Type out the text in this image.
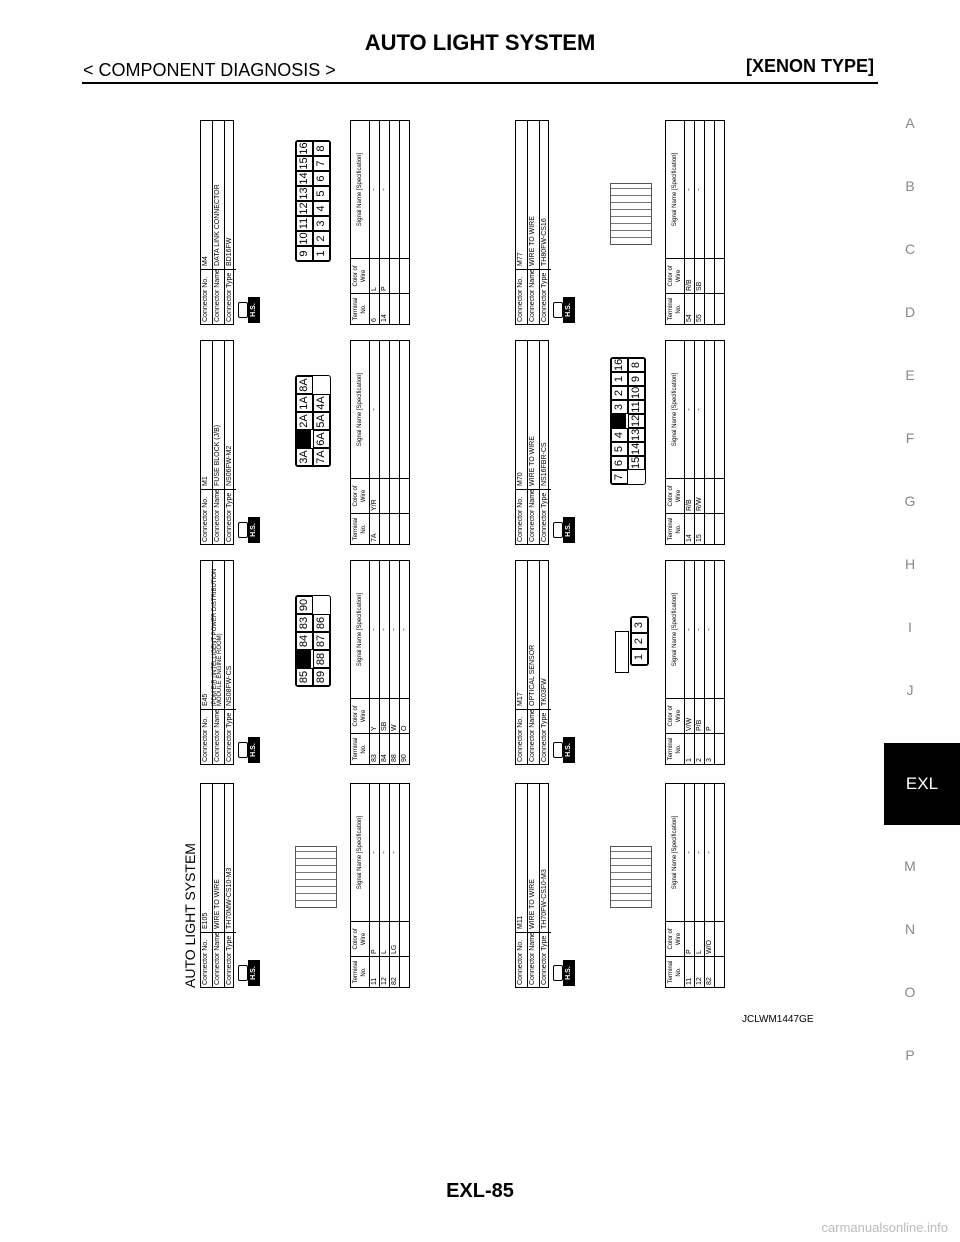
AUTO LIGHT SYSTEM
< COMPONENT DIAGNOSIS >	[XENON TYPE]
A
B
C
D
E
F
G
H
I
J
EXL
M
N
O
P
AUTO LIGHT SYSTEM Connector No.
E105
Connector Name
WIRE TO WIRE
Connector Type
TH70MW-CS10-M3
H.S.	Terminal No.	Color of Wire	Signal Name [Specification]
11	P	-
12	L	-
82	LG	-

Connector No.
E45
Connector Name
IPDM E/R (INTELLIGENT POWER DISTRIBUTION MODULE ENGINE ROOM)
Connector Type
NS08FW-CS
H.S.
85
84
83
90
89
88
87
86
Terminal No.	Color of Wire	Signal Name [Specification]
83	Y	-
84	SB	-
88	W	-
90	O	-
Connector No.
M1
Connector Name
FUSE BLOCK (J/B)
Connector Type
NS06FW-M2
H.S.
3A
2A
1A
8A
7A
6A
5A
4A
Terminal No.	Color of Wire	Signal Name [Specification]
7A	Y/R	-

Connector No.
M4
Connector Name
DATA LINK CONNECTOR
Connector Type
BD16FW
H.S.
9
10
11
12
13
14
15
16
1
2
3
4
5
6
7
8
Terminal No.	Color of Wire	Signal Name [Specification]
6	L	-
14	P	-

Connector No.
M11
Connector Name
WIRE TO WIRE
Connector Type
TH70FW-CS10-M3
H.S.	Terminal No.	Color of Wire	Signal Name [Specification]
11	P	-
12	L	-
82	W/O	-

Connector No.
M17
Connector Name
OPTICAL SENSOR
Connector Type
TK03FW
H.S.
1
2
3
Terminal No.	Color of Wire	Signal Name [Specification]
1	V/W	-
2	P/B	-
3	P	-

Connector No.
M70
Connector Name
WIRE TO WIRE
Connector Type
NS16FBR-CS
H.S.
7
6
5
4
3
2
1
16
15
14
13
12
11
10
9
8
Terminal No.	Color of Wire	Signal Name [Specification]
14	R/B	-
15	R/W	-

Connector No.
M77
Connector Name
WIRE TO WIRE
Connector Type
TH80FW-CS16
H.S.	Terminal No.	Color of Wire	Signal Name [Specification]
54	R/B	-
55	SB	-

JCLWM1447GE
EXL-85
carmanualsonline.info
